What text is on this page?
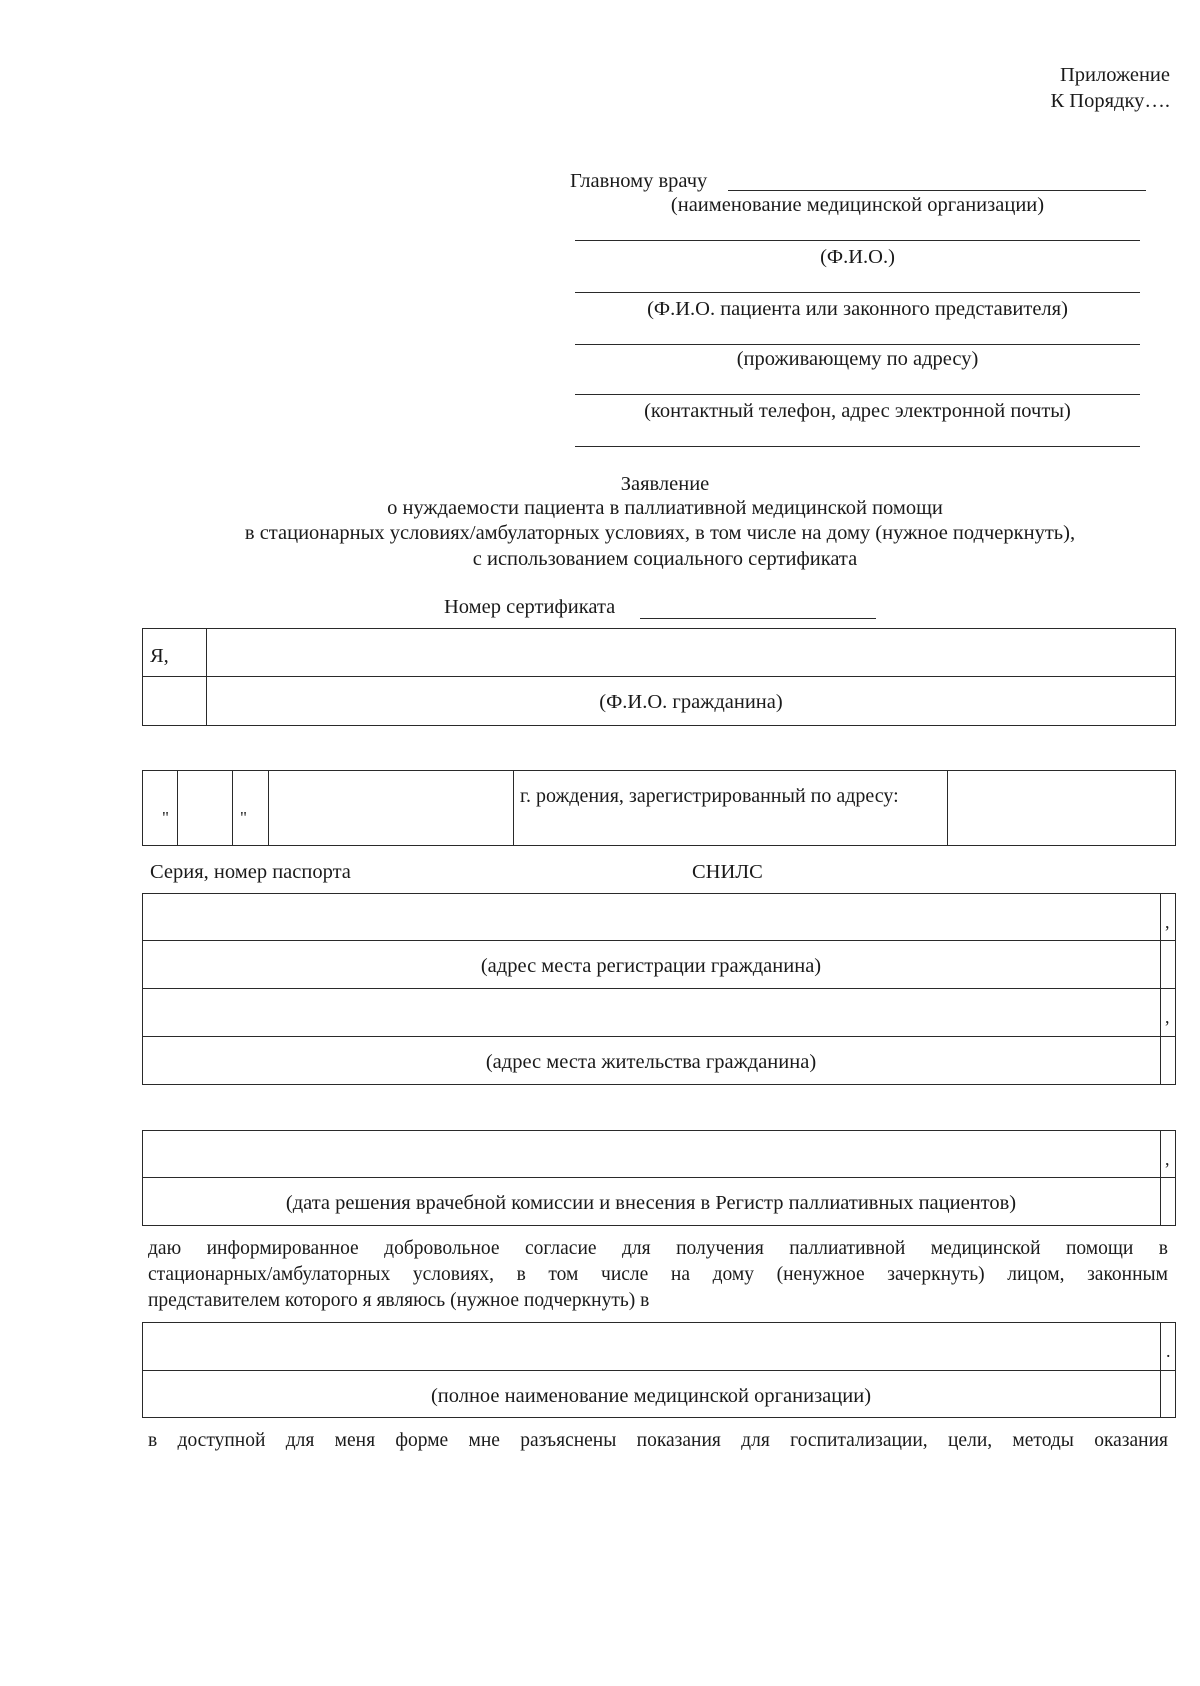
Приложение
К Порядку….
Главному врачу
(наименование медицинской организации)
(Ф.И.О.)
(Ф.И.О. пациента или законного представителя)
(проживающему по адресу)
(контактный телефон, адрес электронной почты)
Заявление
о нуждаемости пациента в паллиативной медицинской помощи
в стационарных условиях/амбулаторных условиях, в том числе на дому (нужное подчеркнуть),
с использованием социального сертификата
Номер сертификата
Я,
(Ф.И.О. гражданина)
"	"
г. рождения, зарегистрированный по адресу:
Серия, номер паспорта	СНИЛС
,
(адрес места регистрации гражданина)
,
(адрес места жительства гражданина)
,
(дата решения врачебной комиссии и внесения в Регистр паллиативных пациентов)
даю информированное добровольное согласие для получения паллиативной медицинской помощи в
стационарных/амбулаторных условиях, в том числе на дому (ненужное зачеркнуть) лицом, законным
представителем которого я являюсь (нужное подчеркнуть) в
.
(полное наименование медицинской организации)
в доступной для меня форме мне разъяснены показания для госпитализации, цели, методы оказания
